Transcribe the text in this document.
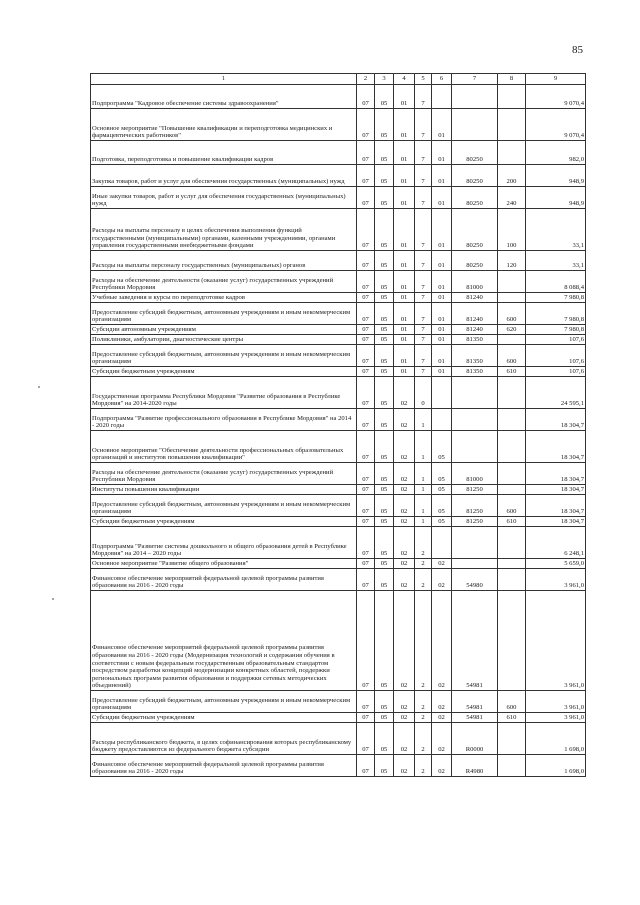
85
1	2	3	4	5	6	7	8	9
Подпрограмма "Кадровое обеспечение системы здравоохранения"	07	05	01	7				9 070,4
Основное мероприятие "Повышение квалификации и переподготовка медицинских и фармацевтических работников"	07	05	01	7	01			9 070,4
Подготовка, переподготовка и повышение квалификации кадров	07	05	01	7	01	80250		982,0
Закупка товаров, работ и услуг для обеспечения государственных (муниципальных) нужд	07	05	01	7	01	80250	200	948,9
Иные закупки товаров, работ и услуг для обеспечения государственных (муниципальных) нужд	07	05	01	7	01	80250	240	948,9
Расходы на выплаты персоналу в целях обеспечения выполнения функций государственными (муниципальными) органами, казенными учреждениями, органами управления государственными внебюджетными фондами	07	05	01	7	01	80250	100	33,1
Расходы на выплаты персоналу государственных (муниципальных) органов	07	05	01	7	01	80250	120	33,1
Расходы на обеспечение деятельности (оказание услуг) государственных учреждений Республики Мордовия	07	05	01	7	01	81000		8 088,4
Учебные заведения и курсы по переподготовке кадров	07	05	01	7	01	81240		7 980,8
Предоставление субсидий бюджетным, автономным учреждениям и иным некоммерческим организациям	07	05	01	7	01	81240	600	7 980,8
Субсидии автономным учреждениям	07	05	01	7	01	81240	620	7 980,8
Поликлиники, амбулатории, диагностические центры	07	05	01	7	01	81350		107,6
Предоставление субсидий бюджетным, автономным учреждениям и иным некоммерческим организациям	07	05	01	7	01	81350	600	107,6
Субсидии бюджетным учреждениям	07	05	01	7	01	81350	610	107,6
Государственная программа Республики Мордовия "Развитие образования в Республике Мордовия" на 2014-2020 годы	07	05	02	0				24 595,1
Подпрограмма "Развитие профессионального образования в Республике Мордовия" на 2014 - 2020 годы	07	05	02	1				18 304,7
Основное мероприятие "Обеспечение деятельности профессиональных образовательных организаций и институтов повышения квалификации"	07	05	02	1	05			18 304,7
Расходы на обеспечение деятельности (оказание услуг) государственных учреждений Республики Мордовия	07	05	02	1	05	81000		18 304,7
Институты повышения квалификации	07	05	02	1	05	81250		18 304,7
Предоставление субсидий бюджетным, автономным учреждениям и иным некоммерческим организациям	07	05	02	1	05	81250	600	18 304,7
Субсидии бюджетным учреждениям	07	05	02	1	05	81250	610	18 304,7
Подпрограмма "Развитие системы дошкольного и общего образования детей в Республике Мордовия" на 2014 – 2020 годы	07	05	02	2				6 248,1
Основное мероприятие "Развитие общего образования"	07	05	02	2	02			5 659,0
Финансовое обеспечение мероприятий федеральной целевой программы развития образования на 2016 - 2020 годы	07	05	02	2	02	54980		3 961,0
Финансовое обеспечение мероприятий федеральной целевой программы развития образования на 2016 - 2020 годы (Модернизация технологий и содержания обучения в соответствии с новым федеральным государственным образовательным стандартом посредством разработки концепций модернизации конкретных областей, поддержки региональных программ развития образования и поддержки сетевых методических объединений)	07	05	02	2	02	54981		3 961,0
Предоставление субсидий бюджетным, автономным учреждениям и иным некоммерческим организациям	07	05	02	2	02	54981	600	3 961,0
Субсидии бюджетным учреждениям	07	05	02	2	02	54981	610	3 961,0
Расходы республиканского бюджета, в целях софинансирования которых республиканскому бюджету предоставляются из федерального бюджета субсидии	07	05	02	2	02	R0000		1 698,0
Финансовое обеспечение мероприятий федеральной целевой программы развития образования на 2016 - 2020 годы	07	05	02	2	02	R4980		1 698,0
